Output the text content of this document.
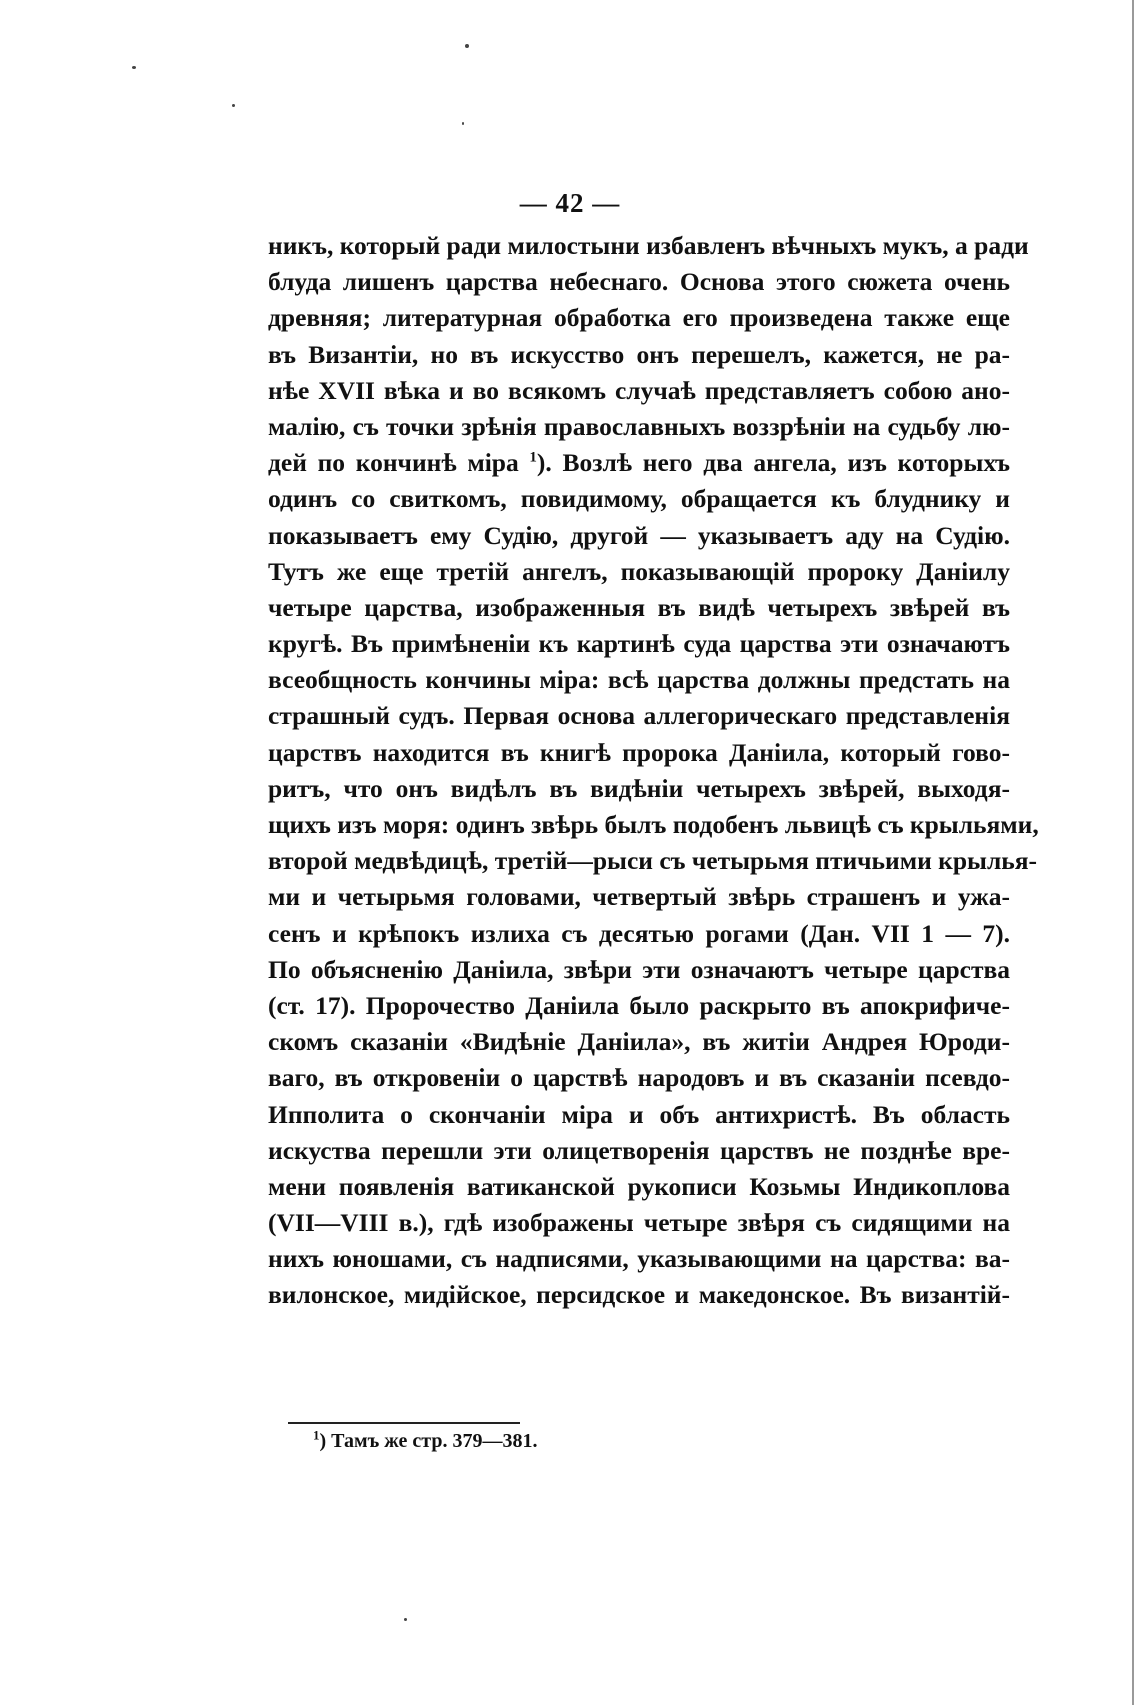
— 42 —
никъ, который ради милостыни избавленъ вѣчныхъ мукъ, а ради
блуда лишенъ царства небеснаго. Основа этого сюжета очень
древняя; литературная обработка его произведена также еще
въ Византіи, но въ искусство онъ перешелъ, кажется, не ра-
нѣе XVII вѣка и во всякомъ случаѣ представляетъ собою ано-
малію, съ точки зрѣнія православныхъ воззрѣніи на судьбу лю-
дей по кончинѣ міра $^1$). Возлѣ него два ангела, изъ которыхъ
одинъ со свиткомъ, повидимому, обращается къ блуднику и
показываетъ ему Судію, другой — указываетъ аду на Судію.
Тутъ же еще третій ангелъ, показывающій пророку Даніилу
четыре царства, изображенныя въ видѣ четырехъ звѣрей въ
кругѣ. Въ примѣненіи къ картинѣ суда царства эти означаютъ
всеобщность кончины міра: всѣ царства должны предстать на
страшный судъ. Первая основа аллегорическаго представленія
царствъ находится въ книгѣ пророка Даніила, который гово-
ритъ, что онъ видѣлъ въ видѣніи четырехъ звѣрей, выходя-
щихъ изъ моря: одинъ звѣрь былъ подобенъ львицѣ съ крыльями,
второй медвѣдицѣ, третій—рыси съ четырьмя птичьими крылья-
ми и четырьмя головами, четвертый звѣрь страшенъ и ужа-
сенъ и крѣпокъ излиха съ десятью рогами (Дан. VII 1 — 7).
По объясненію Даніила, звѣри эти означаютъ четыре царства
(ст. 17). Пророчество Даніила было раскрыто въ апокрифиче-
скомъ сказаніи «Видѣніе Даніила», въ житіи Андрея Юроди-
ваго, въ откровеніи о царствѣ народовъ и въ сказаніи псевдо-
Ипполита о скончаніи міра и объ антихристѣ. Въ область
искуства перешли эти олицетворенія царствъ не позднѣе вре-
мени появленія ватиканской рукописи Козьмы Индикоплова
(VII—VIII в.), гдѣ изображены четыре звѣря съ сидящими на
нихъ юношами, съ надписями, указывающими на царства: ва-
вилонское, мидійское, персидское и македонское. Въ византій-
$^1$) Тамъ же стр. 379—381.
